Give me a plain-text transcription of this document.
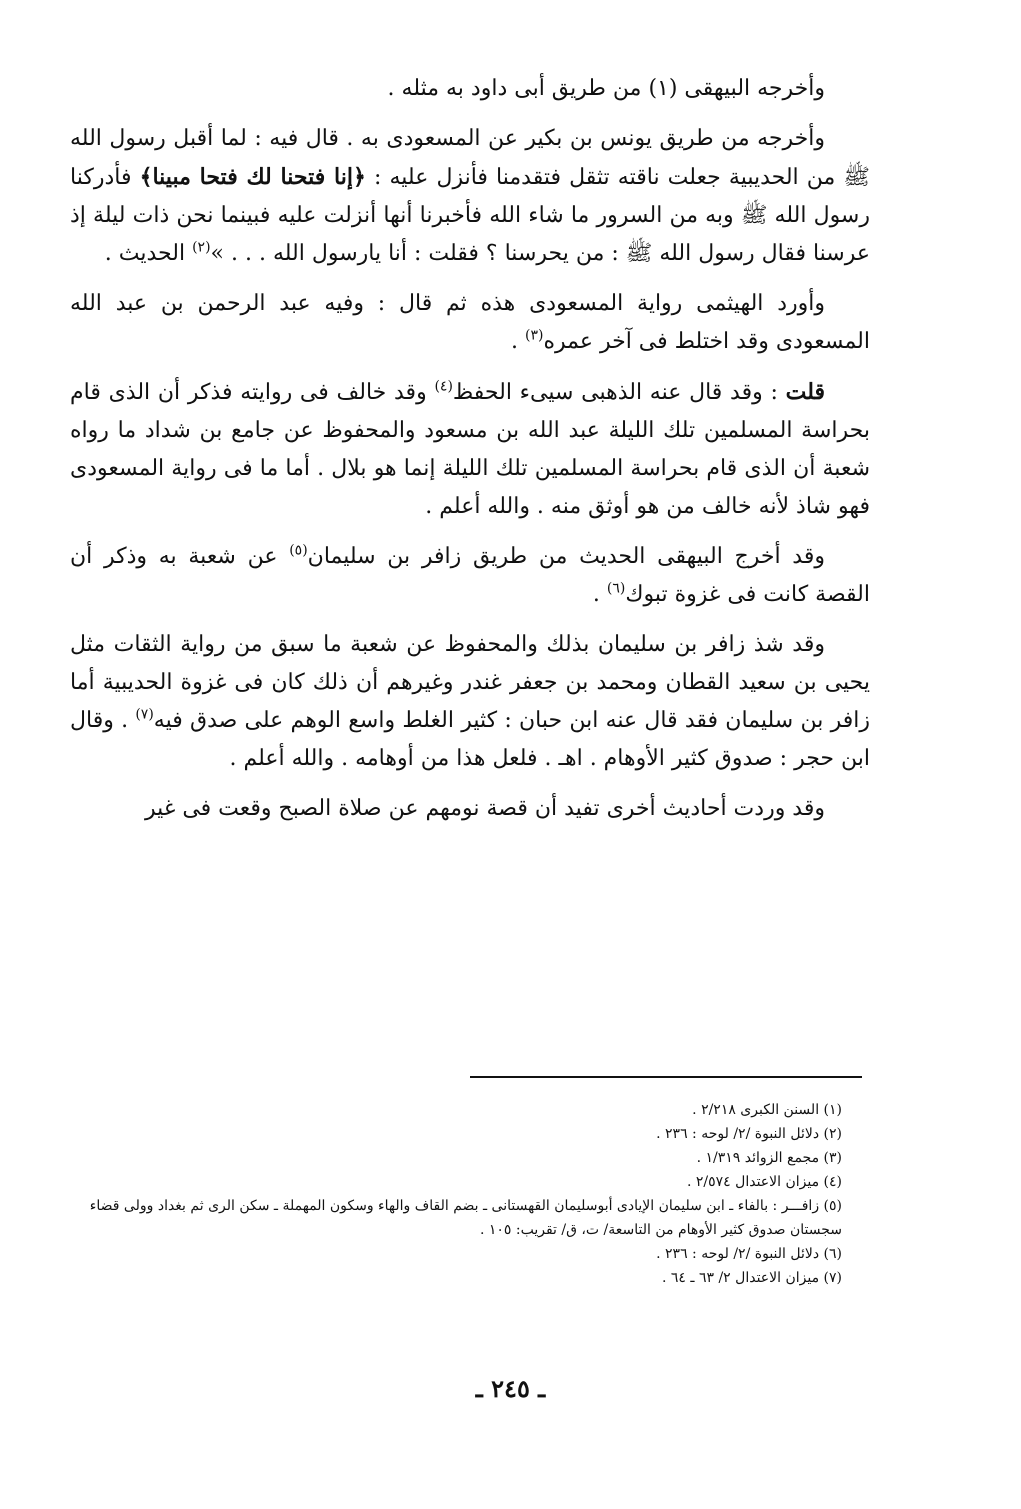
وأخرجه البيهقى (١) من طريق أبى داود به مثله .

وأخرجه من طريق يونس بن بكير عن المسعودى به . قال فيه : لما أقبل رسول الله ﷺ من الحديبية جعلت ناقته تثقل فتقدمنا فأنزل عليه : ﴿إنا فتحنا لك فتحا مبينا﴾ فأدركنا رسول الله ﷺ وبه من السرور ما شاء الله فأخبرنا أنها أنزلت عليه فبينما نحن ذات ليلة إذ عرسنا فقال رسول الله ﷺ : من يحرسنا ؟ فقلت : أنا يارسول الله . . . »$^{(٢)}$ الحديث .

وأورد الهيثمى رواية المسعودى هذه ثم قال : وفيه عبد الرحمن بن عبد الله المسعودى وقد اختلط فى آخر عمره$^{(٣)}$ .

قلت : وقد قال عنه الذهبى سيىء الحفظ$^{(٤)}$ وقد خالف فى روايته فذكر أن الذى قام بحراسة المسلمين تلك الليلة عبد الله بن مسعود والمحفوظ عن جامع بن شداد ما رواه شعبة أن الذى قام بحراسة المسلمين تلك الليلة إنما هو بلال . أما ما فى رواية المسعودى فهو شاذ لأنه خالف من هو أوثق منه . والله أعلم .

وقد أخرج البيهقى الحديث من طريق زافر بن سليمان$^{(٥)}$ عن شعبة به وذكر أن القصة كانت فى غزوة تبوك$^{(٦)}$ .

وقد شذ زافر بن سليمان بذلك والمحفوظ عن شعبة ما سبق من رواية الثقات مثل يحيى بن سعيد القطان ومحمد بن جعفر غندر وغيرهم أن ذلك كان فى غزوة الحديبية أما زافر بن سليمان فقد قال عنه ابن حبان : كثير الغلط واسع الوهم على صدق فيه$^{(٧)}$ . وقال ابن حجر : صدوق كثير الأوهام . اهـ . فلعل هذا من أوهامه . والله أعلم .

وقد وردت أحاديث أخرى تفيد أن قصة نومهم عن صلاة الصبح وقعت فى غير

(١) السنن الكبرى ٢/٢١٨ .

(٢) دلائل النبوة /٢/ لوحه : ٢٣٦ .

(٣) مجمع الزوائد ١/٣١٩ .

(٤) ميزان الاعتدال ٢/٥٧٤ .

(٥) زافـــر : بالفاء ـ ابن سليمان الإيادى أبوسليمان القهستانى ـ بضم القاف والهاء وسكون المهملة ـ سكن الرى ثم بغداد وولى قضاء سجستان صدوق كثير الأوهام من التاسعة/ ت، ق/ تقريب: ١٠٥ .

(٦) دلائل النبوة /٢/ لوحه : ٢٣٦ .

(٧) ميزان الاعتدال ٢/ ٦٣ ـ ٦٤ .

ـ ٢٤٥ ـ
